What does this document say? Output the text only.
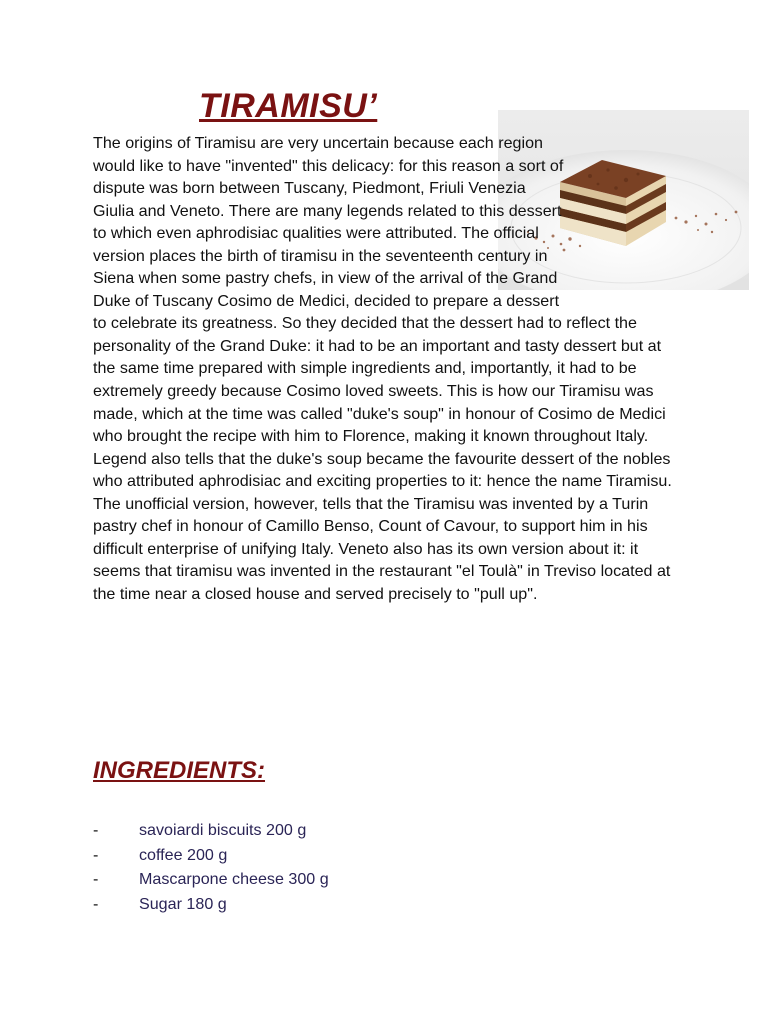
TIRAMISU’

The origins of Tiramisu are very uncertain because each region would like to have "invented" this delicacy: for this reason a sort of dispute was born between Tuscany, Piedmont, Friuli Venezia Giulia and Veneto. There are many legends related to this dessert to which even aphrodisiac qualities were attributed. The official version places the birth of tiramisu in the seventeenth century in Siena when some pastry chefs, in view of the arrival of the Grand Duke of Tuscany Cosimo de Medici, decided to prepare a dessert to celebrate its greatness. So they decided that the dessert had to reflect the personality of the Grand Duke: it had to be an important and tasty dessert but at the same time prepared with simple ingredients and, importantly, it had to be extremely greedy because Cosimo loved sweets. This is how our Tiramisu was made, which at the time was called "duke's soup" in honour of Cosimo de Medici who brought the recipe with him to Florence, making it known throughout Italy. Legend also tells that the duke's soup became the favourite dessert of the nobles who attributed aphrodisiac and exciting properties to it: hence the name Tiramisu. The unofficial version, however, tells that the Tiramisu was invented by a Turin pastry chef in honour of Camillo Benso, Count of Cavour, to support him in his difficult enterprise of unifying Italy. Veneto also has its own version about it: it seems that tiramisu was invented in the restaurant "el Toulà" in Treviso located at the time near a closed house and served precisely to "pull up".

INGREDIENTS:
-	savoiardi biscuits 200 g
-	coffee 200 g
-	Mascarpone cheese 300 g
-	Sugar 180 g
